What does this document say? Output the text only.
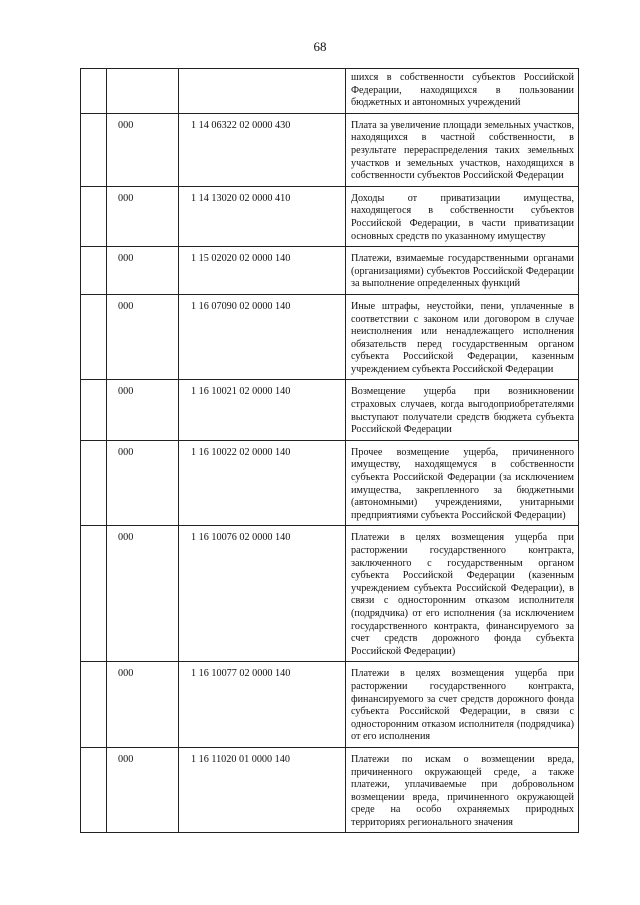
68

			шихся в собственности субъектов Российской Федерации, находящихся в пользовании бюджетных и автономных учреждений

	000	1 14 06322 02 0000 430	Плата за увеличение площади земельных участков, находящихся в частной собственности, в результате перераспределения таких земельных участков и земельных участков, находящихся в собственности субъектов Российской Федерации

	000	1 14 13020 02 0000 410	Доходы от приватизации имущества, находящегося в собственности субъектов Российской Федерации, в части приватизации основных средств по указанному имуществу

	000	1 15 02020 02 0000 140	Платежи, взимаемые государственными органами (организациями) субъектов Российской Федерации за выполнение определенных функций

	000	1 16 07090 02 0000 140	Иные штрафы, неустойки, пени, уплаченные в соответствии с законом или договором в случае неисполнения или ненадлежащего исполнения обязательств перед государственным органом субъекта Российской Федерации, казенным учреждением субъекта Российской Федерации

	000	1 16 10021 02 0000 140	Возмещение ущерба при возникновении страховых случаев, когда выгодоприобретателями выступают получатели средств бюджета субъекта Российской Федерации

	000	1 16 10022 02 0000 140	Прочее возмещение ущерба, причиненного имуществу, находящемуся в собственности субъекта Российской Федерации (за исключением имущества, закрепленного за бюджетными (автономными) учреждениями, унитарными предприятиями субъекта Российской Федерации)

	000	1 16 10076 02 0000 140	Платежи в целях возмещения ущерба при расторжении государственного контракта, заключенного с государственным органом субъекта Российской Федерации (казенным учреждением субъекта Российской Федерации), в связи с односторонним отказом исполнителя (подрядчика) от его исполнения (за исключением государственного контракта, финансируемого за счет средств дорожного фонда субъекта Российской Федерации)

	000	1 16 10077 02 0000 140	Платежи в целях возмещения ущерба при расторжении государственного контракта, финансируемого за счет средств дорожного фонда субъекта Российской Федерации, в связи с односторонним отказом исполнителя (подрядчика) от его исполнения

	000	1 16 11020 01 0000 140	Платежи по искам о возмещении вреда, причиненного окружающей среде, а также платежи, уплачиваемые при добровольном возмещении вреда, причиненного окружающей среде на особо охраняемых природных территориях регионального значения
